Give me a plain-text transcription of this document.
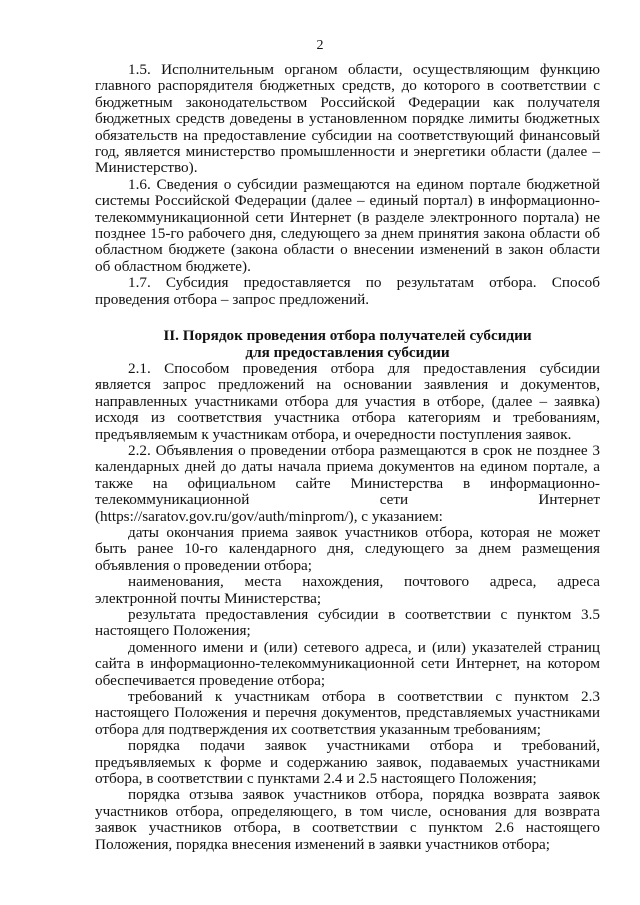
2

1.5. Исполнительным органом области, осуществляющим функцию главного распорядителя бюджетных средств, до которого в соответствии с бюджетным законодательством Российской Федерации как получателя бюджетных средств доведены в установленном порядке лимиты бюджетных обязательств на предоставление субсидии на соответствующий финансовый год, является министерство промышленности и энергетики области (далее – Министерство).

1.6. Сведения о субсидии размещаются на едином портале бюджетной системы Российской Федерации (далее – единый портал) в информационно-телекоммуникационной сети Интернет (в разделе электронного портала) не позднее 15-го рабочего дня, следующего за днем принятия закона области об областном бюджете (закона области о внесении изменений в закон области об областном бюджете).

1.7. Субсидия предоставляется по результатам отбора. Способ проведения отбора – запрос предложений.

II. Порядок проведения отбора получателей субсидии
для предоставления субсидии

2.1. Способом проведения отбора для предоставления субсидии является запрос предложений на основании заявления и документов, направленных участниками отбора для участия в отборе, (далее – заявка) исходя из соответствия участника отбора категориям и требованиям, предъявляемым к участникам отбора, и очередности поступления заявок.

2.2. Объявления о проведении отбора размещаются в срок не позднее 3 календарных дней до даты начала приема документов на едином портале, а также на официальном сайте Министерства в информационно-телекоммуникационной сети Интернет (https://saratov.gov.ru/gov/auth/minprom/), с указанием:

даты окончания приема заявок участников отбора, которая не может быть ранее 10-го календарного дня, следующего за днем размещения объявления о проведении отбора;

наименования, места нахождения, почтового адреса, адреса электронной почты Министерства;

результата предоставления субсидии в соответствии с пунктом 3.5 настоящего Положения;

доменного имени и (или) сетевого адреса, и (или) указателей страниц сайта в информационно-телекоммуникационной сети Интернет, на котором обеспечивается проведение отбора;

требований к участникам отбора в соответствии с пунктом 2.3 настоящего Положения и перечня документов, представляемых участниками отбора для подтверждения их соответствия указанным требованиям;

порядка подачи заявок участниками отбора и требований, предъявляемых к форме и содержанию заявок, подаваемых участниками отбора, в соответствии с пунктами 2.4 и 2.5 настоящего Положения;

порядка отзыва заявок участников отбора, порядка возврата заявок участников отбора, определяющего, в том числе, основания для возврата заявок участников отбора, в соответствии с пунктом 2.6 настоящего Положения, порядка внесения изменений в заявки участников отбора;
